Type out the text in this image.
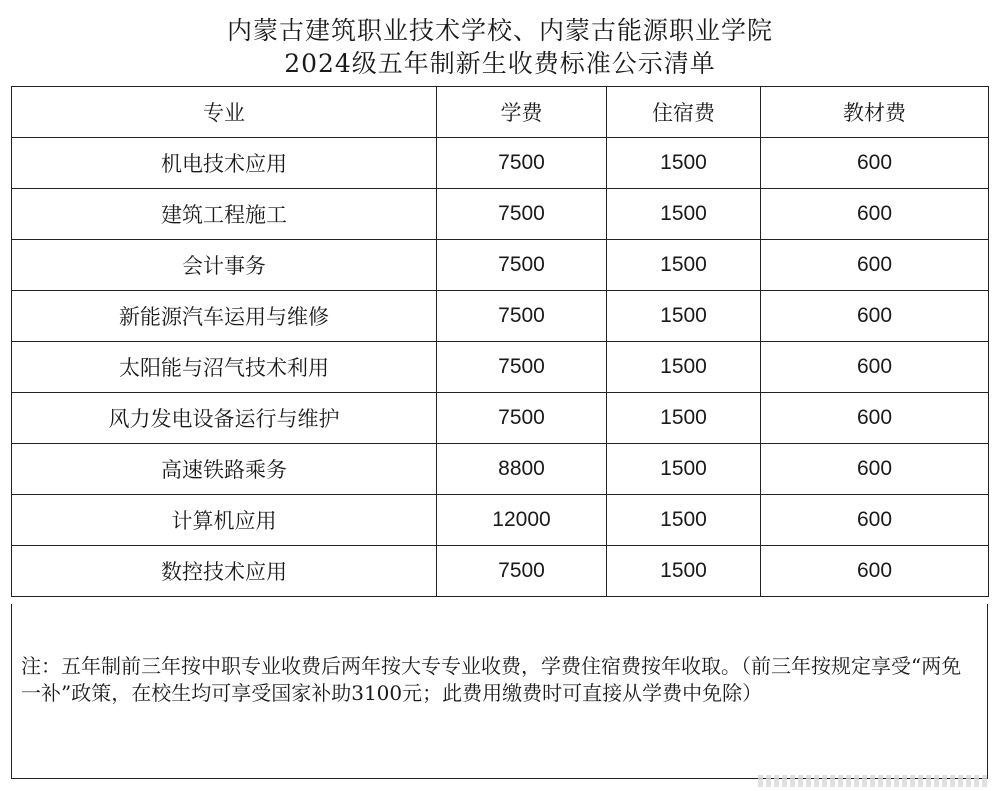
内蒙古建筑职业技术学校、内蒙古能源职业学院
2024级五年制新生收费标准公示清单
专业	学费	住宿费	教材费
机电技术应用	7500	1500	600
建筑工程施工	7500	1500	600
会计事务	7500	1500	600
新能源汽车运用与维修	7500	1500	600
太阳能与沼气技术利用	7500	1500	600
风力发电设备运行与维护	7500	1500	600
高速铁路乘务	8800	1500	600
计算机应用	12000	1500	600
数控技术应用	7500	1500	600
注：五年制前三年按中职专业收费后两年按大专专业收费，学费住宿费按年收取。（前三年按规定享受“两免一补”政策，在校生均可享受国家补助3100元；此费用缴费时可直接从学费中免除）
